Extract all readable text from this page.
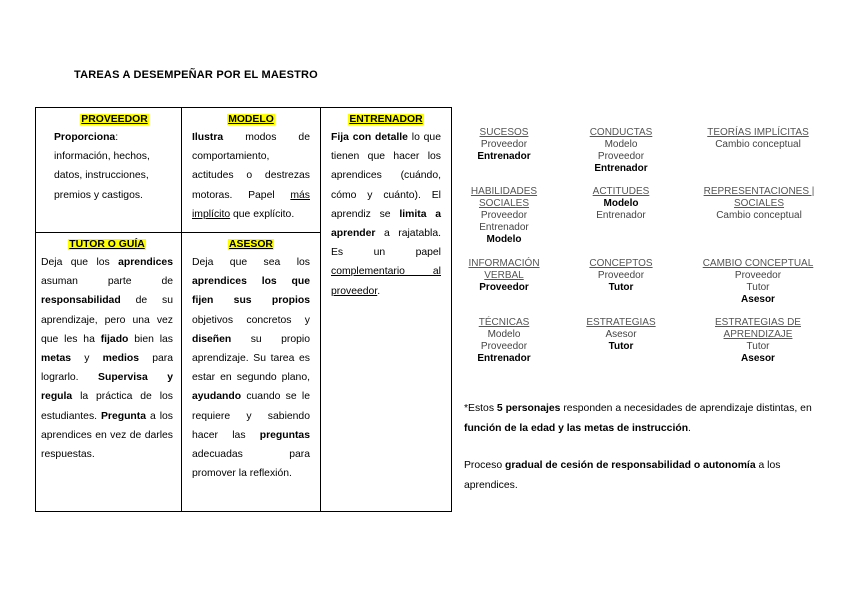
TAREAS A DESEMPEÑAR POR EL MAESTRO
PROVEEDOR
Proporciona: información, hechos, datos, instrucciones, premios y castigos.
MODELO
Ilustra modos de comportamiento, actitudes o destrezas motoras. Papel más implícito que explícito.
ENTRENADOR
Fija con detalle lo que tienen que hacer los aprendices (cuándo, cómo y cuánto). El aprendiz se limita a aprender a rajatabla. Es un papel complementario al proveedor.
TUTOR O GUÍA
Deja que los aprendices asuman parte de responsabilidad de su aprendizaje, pero una vez que les ha fijado bien las metas y medios para lograrlo. Supervisa y regula la práctica de los estudiantes. Pregunta a los aprendices en vez de darles respuestas.
ASESOR
Deja que sea los aprendices los que fijen sus propios objetivos concretos y diseñen su propio aprendizaje. Su tarea es estar en segundo plano, ayudando cuando se le requiere y sabiendo hacer las preguntas adecuadas para promover la reflexión.
SUCESOS
Proveedor
Entrenador
CONDUCTAS
Modelo
Proveedor
Entrenador
TEORÍAS IMPLÍCITAS
Cambio conceptual
HABILIDADES SOCIALES
Proveedor
Entrenador
Modelo
ACTITUDES
Modelo
Entrenador
REPRESENTACIONES | SOCIALES
Cambio conceptual
INFORMACIÓN VERBAL
Proveedor
CONCEPTOS
Proveedor
Tutor
CAMBIO CONCEPTUAL
Proveedor
Tutor
Asesor
TÉCNICAS
Modelo
Proveedor
Entrenador
ESTRATEGIAS
Asesor
Tutor
ESTRATEGIAS DE APRENDIZAJE
Tutor
Asesor
*Estos 5 personajes responden a necesidades de aprendizaje distintas, en función de la edad y las metas de instrucción.
Proceso gradual de cesión de responsabilidad o autonomía a los aprendices.
